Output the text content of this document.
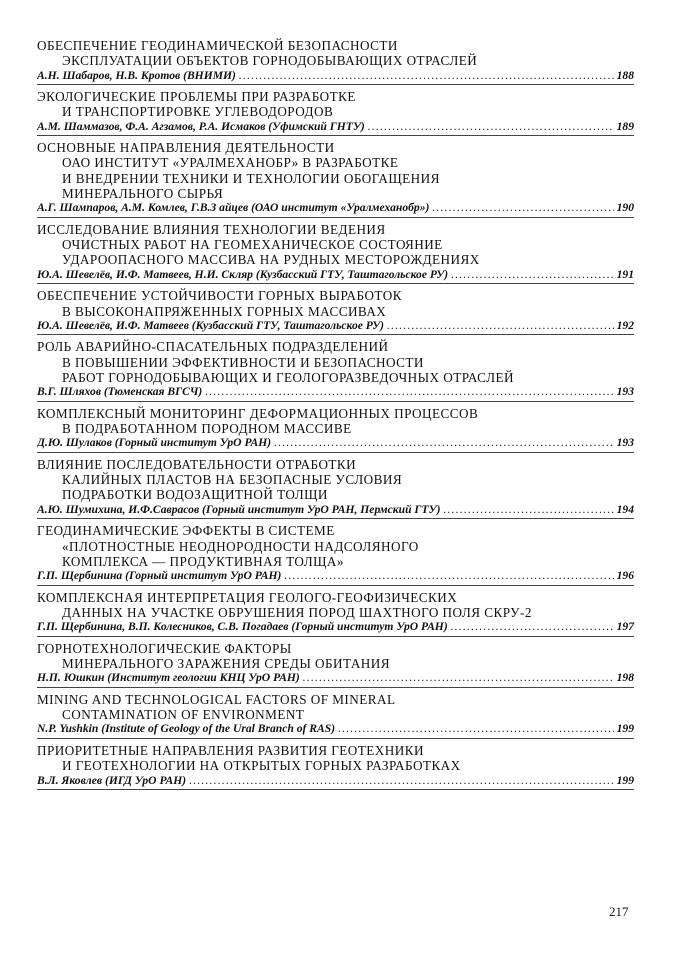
ОБЕСПЕЧЕНИЕ ГЕОДИНАМИЧЕСКОЙ БЕЗОПАСНОСТИ
ЭКСПЛУАТАЦИИ ОБЪЕКТОВ ГОРНОДОБЫВАЮЩИХ ОТРАСЛЕЙ
А.Н. Шабаров, Н.В. Кротов (ВНИМИ) .....	188
ЭКОЛОГИЧЕСКИЕ ПРОБЛЕМЫ ПРИ РАЗРАБОТКЕ
И ТРАНСПОРТИРОВКЕ УГЛЕВОДОРОДОВ
А.М. Шаммазов, Ф.А. Агзамов, Р.А. Исмаков (Уфимский ГНТУ) .....	189
ОСНОВНЫЕ НАПРАВЛЕНИЯ ДЕЯТЕЛЬНОСТИ
ОАО ИНСТИТУТ «УРАЛМЕХАНОБР» В РАЗРАБОТКЕ
И ВНЕДРЕНИИ ТЕХНИКИ И ТЕХНОЛОГИИ ОБОГАЩЕНИЯ
МИНЕРАЛЬНОГО СЫРЬЯ
А.Г. Шампаров, А.М. Комлев, Г.В.З айцев (ОАО институт «Уралмеханобр») .....	190
ИССЛЕДОВАНИЕ ВЛИЯНИЯ ТЕХНОЛОГИИ ВЕДЕНИЯ
ОЧИСТНЫХ РАБОТ НА ГЕОМЕХАНИЧЕСКОЕ СОСТОЯНИЕ
УДАРООПАСНОГО МАССИВА НА РУДНЫХ МЕСТОРОЖДЕНИЯХ
Ю.А. Шевелёв, И.Ф. Матвеев, Н.И. Скляр (Кузбасский ГТУ, Таштагольское РУ) .....	191
ОБЕСПЕЧЕНИЕ УСТОЙЧИВОСТИ ГОРНЫХ ВЫРАБОТОК
В ВЫСОКОНАПРЯЖЕННЫХ ГОРНЫХ МАССИВАХ
Ю.А. Шевелёв, И.Ф. Матвеев (Кузбасский ГТУ, Таштагольское РУ) .....	192
РОЛЬ АВАРИЙНО-СПАСАТЕЛЬНЫХ ПОДРАЗДЕЛЕНИЙ
В ПОВЫШЕНИИ ЭФФЕКТИВНОСТИ И БЕЗОПАСНОСТИ
РАБОТ ГОРНОДОБЫВАЮЩИХ И ГЕОЛОГОРАЗВЕДОЧНЫХ ОТРАСЛЕЙ
В.Г. Шляхов (Тюменская ВГСЧ) .....	193
КОМПЛЕКСНЫЙ МОНИТОРИНГ ДЕФОРМАЦИОННЫХ ПРОЦЕССОВ
В ПОДРАБОТАННОМ ПОРОДНОМ МАССИВЕ
Д.Ю. Шулаков (Горный институт УрО РАН) .....	193
ВЛИЯНИЕ ПОСЛЕДОВАТЕЛЬНОСТИ ОТРАБОТКИ
КАЛИЙНЫХ ПЛАСТОВ НА БЕЗОПАСНЫЕ УСЛОВИЯ
ПОДРАБОТКИ ВОДОЗАЩИТНОЙ ТОЛЩИ
А.Ю. Шумихина, И.Ф.Саврасов (Горный институт УрО РАН, Пермский ГТУ) .....	194
ГЕОДИНАМИЧЕСКИЕ ЭФФЕКТЫ В СИСТЕМЕ
«ПЛОТНОСТНЫЕ НЕОДНОРОДНОСТИ НАДСОЛЯНОГО
КОМПЛЕКСА — ПРОДУКТИВНАЯ ТОЛЩА»
Г.П. Щербинина (Горный институт УрО РАН) .....	196
КОМПЛЕКСНАЯ ИНТЕРПРЕТАЦИЯ ГЕОЛОГО-ГЕОФИЗИЧЕСКИХ
ДАННЫХ НА УЧАСТКЕ ОБРУШЕНИЯ ПОРОД ШАХТНОГО ПОЛЯ СКРУ-2
Г.П. Щербинина, В.П. Колесников, С.В. Погадаев (Горный институт УрО РАН) .....	197
ГОРНОТЕХНОЛОГИЧЕСКИЕ ФАКТОРЫ
МИНЕРАЛЬНОГО ЗАРАЖЕНИЯ СРЕДЫ ОБИТАНИЯ
Н.П. Юшкин (Институт геологии КНЦ УрО РАН) .....	198
MINING AND TECHNOLOGICAL FACTORS OF MINERAL
CONTAMINATION OF ENVIRONMENT
N.P. Yushkin (Institute of Geology of the Ural Branch of RAS) .....	199
ПРИОРИТЕТНЫЕ НАПРАВЛЕНИЯ РАЗВИТИЯ ГЕОТЕХНИКИ
И ГЕОТЕХНОЛОГИИ НА ОТКРЫТЫХ ГОРНЫХ РАЗРАБОТКАХ
В.Л. Яковлев (ИГД УрО РАН) .....	199
217
